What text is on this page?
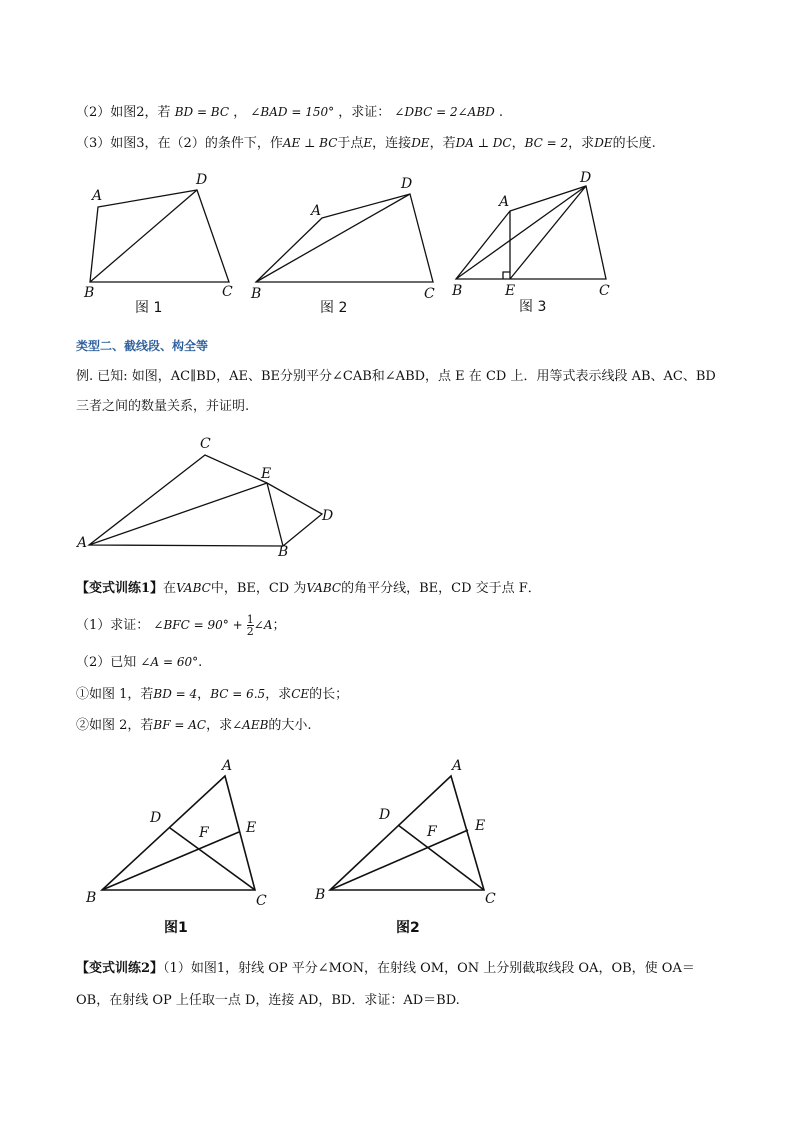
（2）如图2，若 BD = BC ， ∠BAD = 150° ，求证： ∠DBC = 2∠ABD .
（3）如图3，在（2）的条件下，作AE ⊥ BC于点E，连接DE，若DA ⊥ DC，BC = 2，求DE的长度.
A
D
B	C
图 1
A
D
B	C
图 2
A
D
B	E	C
图 3
类型二、截线段、构全等
例. 已知: 如图，AC∥BD，AE、BE分别平分∠CAB和∠ABD，点 E 在 CD 上．用等式表示线段 AB、AC、BD
三者之间的数量关系，并证明.
C
E
D
A
B
【变式训练1】在VABC中，BE，CD 为VABC的角平分线，BE，CD 交于点 F．
（1）求证： ∠BFC = $90^\circ + \frac{1}{2}$ ∠A；
（2）已知 ∠A = 60°.
①如图 1，若BD = 4，BC = 6.5，求CE的长；
②如图 2，若BF = AC，求∠AEB的大小.
A
D
E
F
B	C
图1
A
D
E
F
B	C
图2
【变式训练2】（1）如图1，射线 OP 平分∠MON，在射线 OM，ON 上分别截取线段 OA，OB，使 OA＝
OB，在射线 OP 上任取一点 D，连接 AD，BD．求证：AD＝BD.
